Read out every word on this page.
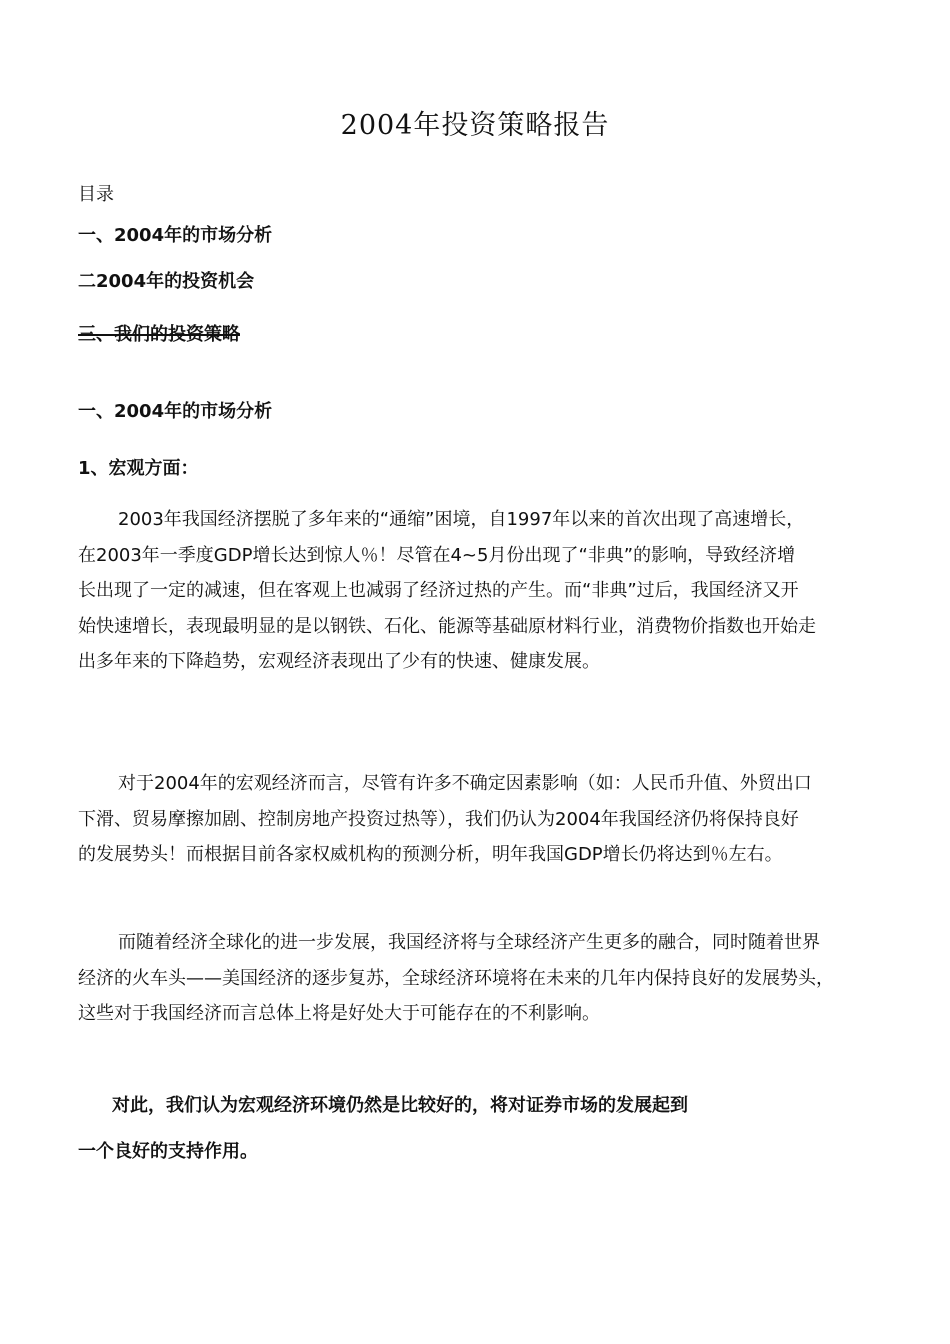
2004年投资策略报告
目录
一、2004年的市场分析
二2004年的投资机会
三、我们的投资策略
一、2004年的市场分析
1、宏观方面：
2003年我国经济摆脱了多年来的“通缩”困境，自1997年以来的首次出现了高速增长，
在2003年一季度GDP增长达到惊人％！尽管在4~5月份出现了“非典”的影响，导致经济增
长出现了一定的减速，但在客观上也减弱了经济过热的产生。而“非典”过后，我国经济又开
始快速增长，表现最明显的是以钢铁、石化、能源等基础原材料行业，消费物价指数也开始走
出多年来的下降趋势，宏观经济表现出了少有的快速、健康发展。
对于2004年的宏观经济而言，尽管有许多不确定因素影响（如：人民币升值、外贸出口
下滑、贸易摩擦加剧、控制房地产投资过热等），我们仍认为2004年我国经济仍将保持良好
的发展势头！而根据目前各家权威机构的预测分析，明年我国GDP增长仍将达到％左右。
而随着经济全球化的进一步发展，我国经济将与全球经济产生更多的融合，同时随着世界
经济的火车头——美国经济的逐步复苏，全球经济环境将在未来的几年内保持良好的发展势头，
这些对于我国经济而言总体上将是好处大于可能存在的不利影响。
对此，我们认为宏观经济环境仍然是比较好的，将对证券市场的发展起到
一个良好的支持作用。
